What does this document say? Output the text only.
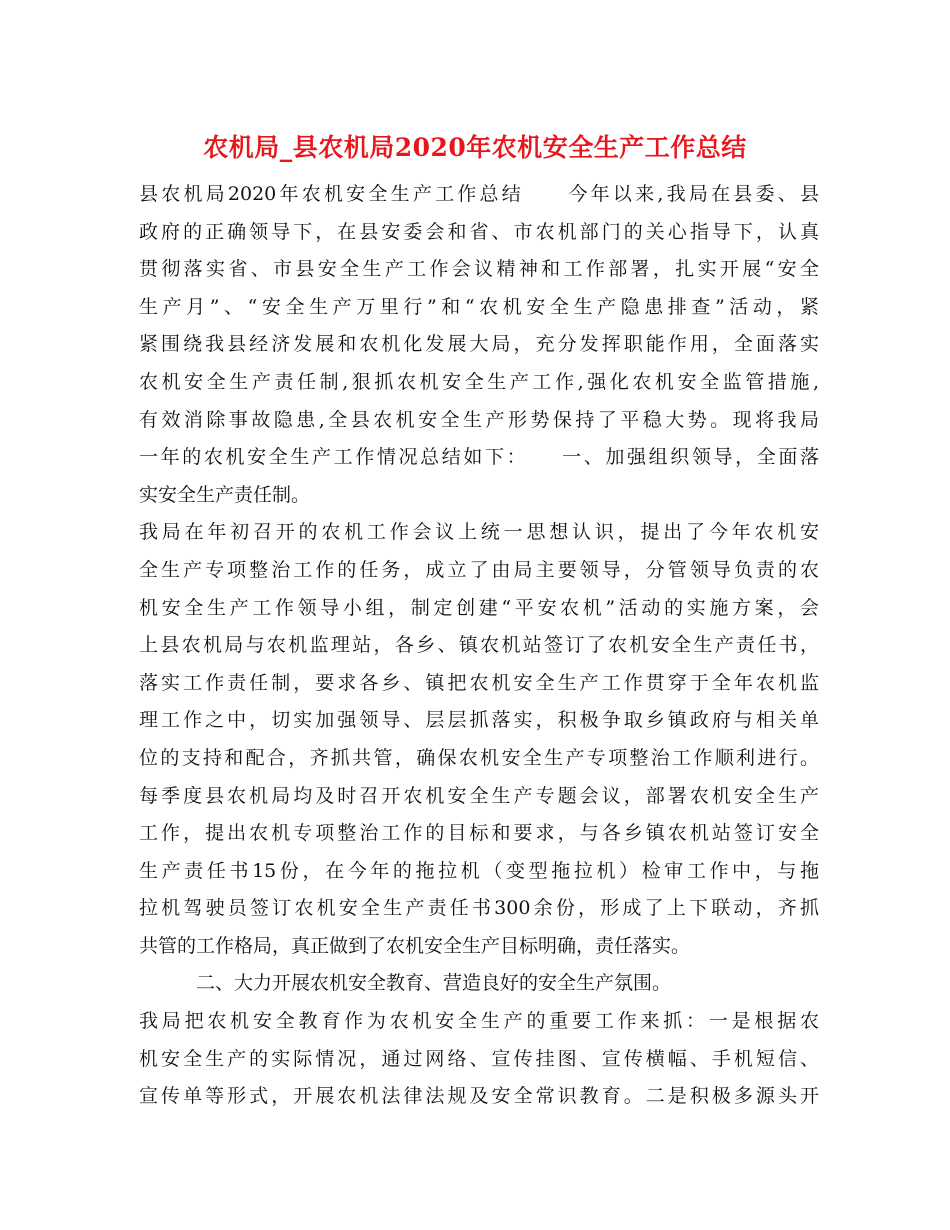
农机局_县农机局2020年农机安全生产工作总结
县农机局2020年农机安全生产工作总结　　今年以来,我局在县委、县
政府的正确领导下，在县安委会和省、市农机部门的关心指导下，认真
贯彻落实省、市县安全生产工作会议精神和工作部署，扎实开展“安全
生产月”、“安全生产万里行”和“农机安全生产隐患排查”活动，紧
紧围绕我县经济发展和农机化发展大局，充分发挥职能作用，全面落实
农机安全生产责任制,狠抓农机安全生产工作,强化农机安全监管措施,
有效消除事故隐患,全县农机安全生产形势保持了平稳大势。现将我局
一年的农机安全生产工作情况总结如下：　　一、加强组织领导，全面落
实安全生产责任制。
我局在年初召开的农机工作会议上统一思想认识，提出了今年农机安
全生产专项整治工作的任务，成立了由局主要领导，分管领导负责的农
机安全生产工作领导小组，制定创建“平安农机”活动的实施方案，会
上县农机局与农机监理站，各乡、镇农机站签订了农机安全生产责任书，
落实工作责任制，要求各乡、镇把农机安全生产工作贯穿于全年农机监
理工作之中，切实加强领导、层层抓落实，积极争取乡镇政府与相关单
位的支持和配合，齐抓共管，确保农机安全生产专项整治工作顺利进行。
每季度县农机局均及时召开农机安全生产专题会议，部署农机安全生产
工作，提出农机专项整治工作的目标和要求，与各乡镇农机站签订安全
生产责任书15份，在今年的拖拉机（变型拖拉机）检审工作中，与拖
拉机驾驶员签订农机安全生产责任书300余份，形成了上下联动，齐抓
共管的工作格局，真正做到了农机安全生产目标明确，责任落实。
　　　二、大力开展农机安全教育、营造良好的安全生产氛围。
我局把农机安全教育作为农机安全生产的重要工作来抓：一是根据农
机安全生产的实际情况，通过网络、宣传挂图、宣传横幅、手机短信、
宣传单等形式，开展农机法律法规及安全常识教育。二是积极多源头开
